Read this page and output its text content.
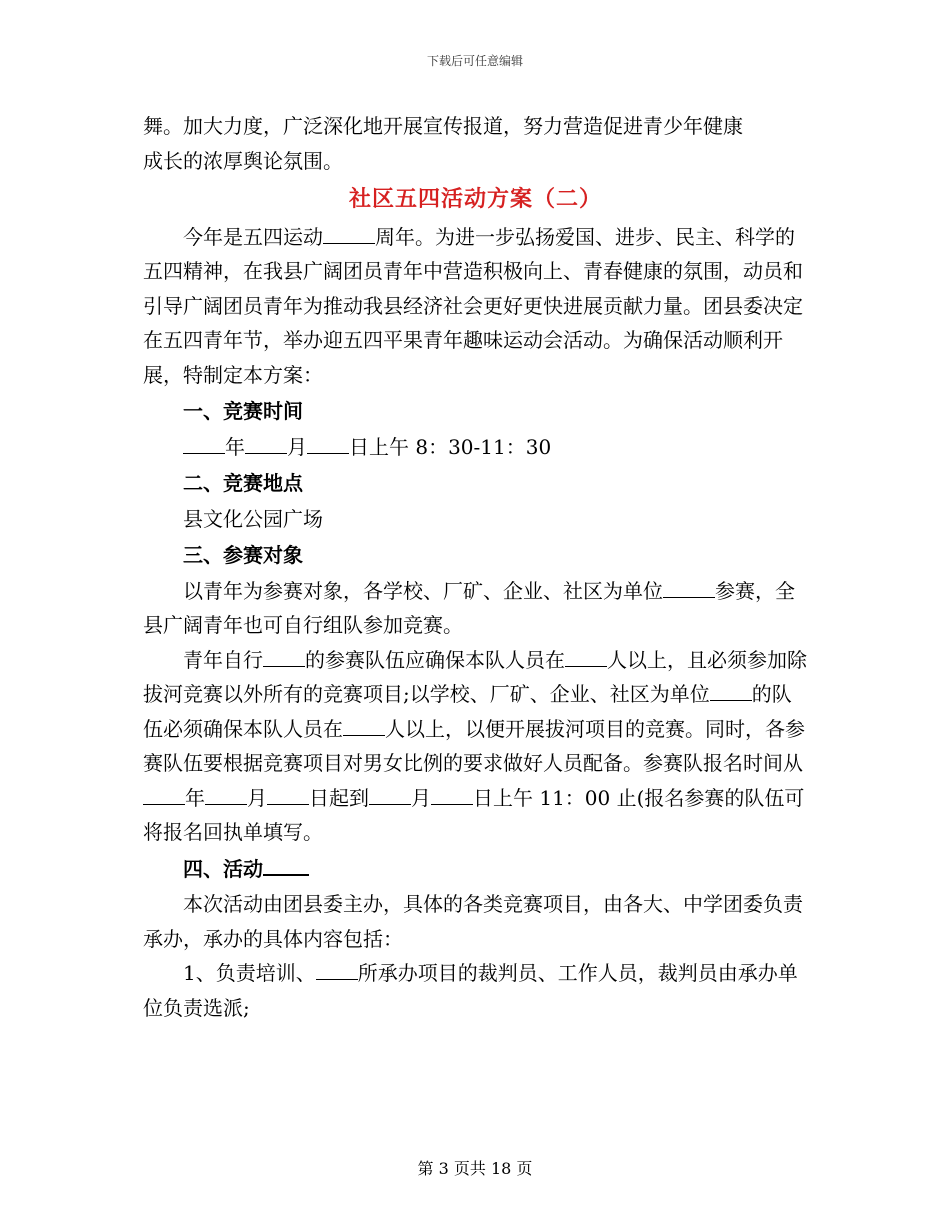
下载后可任意编辑

舞。加大力度，广泛深化地开展宣传报道，努力营造促进青少年健康

成长的浓厚舆论氛围。

社区五四活动方案（二）

今年是五四运动	周年。为进一步弘扬爱国、进步、民主、科学的五四精神，在我县广阔团员青年中营造积极向上、青春健康的氛围，动员和引导广阔团员青年为推动我县经济社会更好更快进展贡献力量。团县委决定在五四青年节，举办迎五四平果青年趣味运动会活动。为确保活动顺利开展，特制定本方案：

一、竞赛时间

年 月 日上午 8：30-11：30

二、竞赛地点

县文化公园广场

三、参赛对象

以青年为参赛对象，各学校、厂矿、企业、社区为单位	参赛，全县广阔青年也可自行组队参加竞赛。

青年自行 的参赛队伍应确保本队人员在 人以上，且必须参加除拔河竞赛以外所有的竞赛项目;以学校、厂矿、企业、社区为单位 的队伍必须确保本队人员在 人以上，以便开展拔河项目的竞赛。同时，各参赛队伍要根据竞赛项目对男女比例的要求做好人员配备。参赛队报名时间从年 月 日起到 月 日上午 11：00 止(报名参赛的队伍可将报名回执单填写。

四、活动

本次活动由团县委主办，具体的各类竞赛项目，由各大、中学团委负责承办，承办的具体内容包括：

1、负责培训、 所承办项目的裁判员、工作人员，裁判员由承办单位负责选派;

第 3 页共 18 页
